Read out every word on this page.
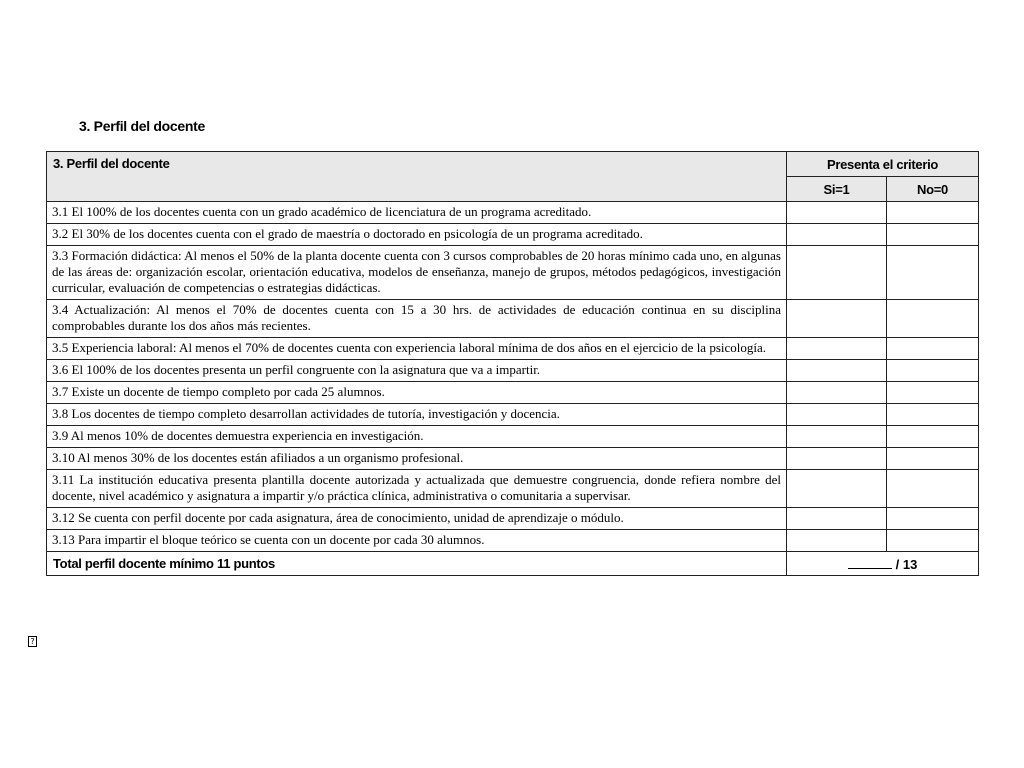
3. Perfil del docente
3. Perfil del docente	Presenta el criterio	
	Si=1	No=0
3.1 El 100% de los docentes cuenta con un grado académico de licenciatura de un programa acreditado.		
3.2 El 30% de los docentes cuenta con el grado de maestría o doctorado en psicología de un programa acreditado.		
3.3 Formación didáctica: Al menos el 50% de la planta docente cuenta con 3 cursos comprobables de 20 horas mínimo cada uno, en algunas de las áreas de: organización escolar, orientación educativa, modelos de enseñanza, manejo de grupos, métodos pedagógicos, investigación curricular, evaluación de competencias o estrategias didácticas.		
3.4 Actualización: Al menos el 70% de docentes cuenta con 15 a 30 hrs. de actividades de educación continua en su disciplina comprobables durante los dos años más recientes.		
3.5 Experiencia laboral: Al menos el 70% de docentes cuenta con experiencia laboral mínima de dos años en el ejercicio de la psicología.		
3.6 El 100% de los docentes presenta un perfil congruente con la asignatura que va a impartir.		
3.7 Existe un docente de tiempo completo por cada 25 alumnos.		
3.8 Los docentes de tiempo completo desarrollan actividades de tutoría, investigación y docencia.		
3.9 Al menos 10% de docentes demuestra experiencia en investigación.		
3.10 Al menos 30% de los docentes están afiliados a un organismo profesional.		
3.11 La institución educativa presenta plantilla docente autorizada y actualizada que demuestre congruencia, donde refiera nombre del docente, nivel académico y asignatura a impartir y/o práctica clínica, administrativa o comunitaria a supervisar.		
3.12 Se cuenta con perfil docente por cada asignatura, área de conocimiento, unidad de aprendizaje o módulo.		
3.13 Para impartir el bloque teórico se cuenta con un docente por cada 30 alumnos.		
Total perfil docente mínimo 11 puntos	/ 13	
?
